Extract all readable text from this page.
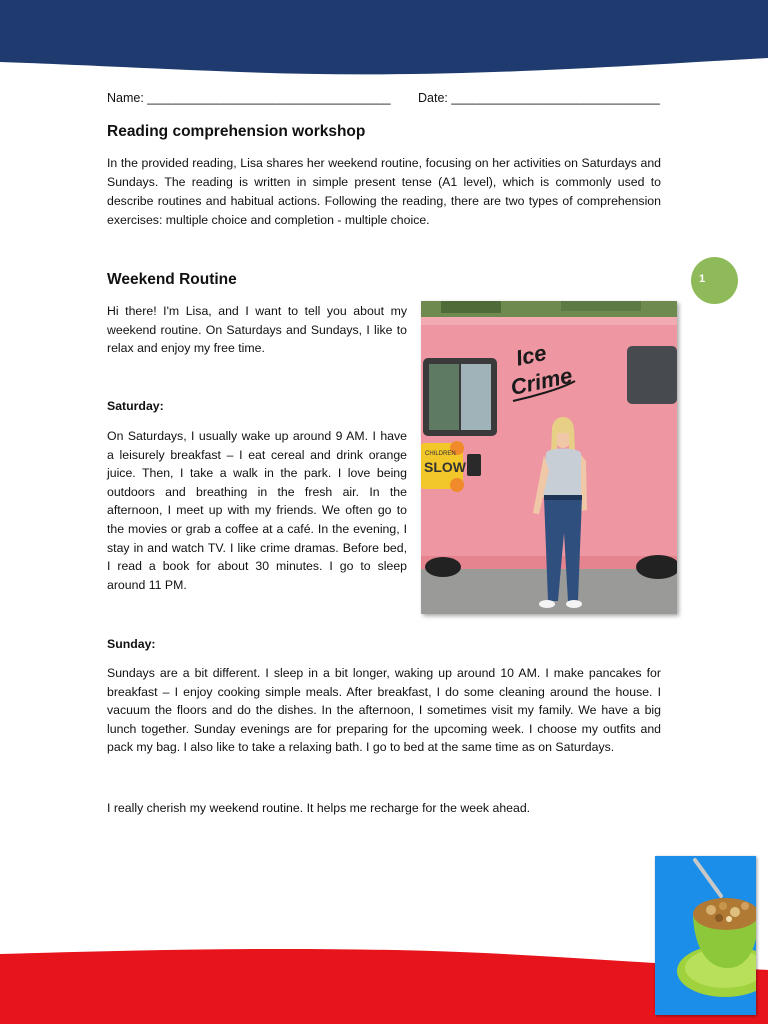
Name: ___________________________________ Date: ______________________________
Reading comprehension workshop
In the provided reading, Lisa shares her weekend routine, focusing on her activities on Saturdays and Sundays. The reading is written in simple present tense (A1 level), which is commonly used to describe routines and habitual actions. Following the reading, there are two types of comprehension exercises: multiple choice and completion - multiple choice.
Weekend Routine	1
Hi there! I'm Lisa, and I want to tell you about my weekend routine. On Saturdays and Sundays, I like to relax and enjoy my free time.
Saturday:
On Saturdays, I usually wake up around 9 AM. I have a leisurely breakfast – I eat cereal and drink orange juice. Then, I take a walk in the park. I love being outdoors and breathing in the fresh air. In the afternoon, I meet up with my friends. We often go to the movies or grab a coffee at a café. In the evening, I stay in and watch TV. I like crime dramas. Before bed, I read a book for about 30 minutes. I go to sleep around 11 PM.
Ice
Crime
CHILDREN
SLOW
Sunday:
Sundays are a bit different. I sleep in a bit longer, waking up around 10 AM. I make pancakes for breakfast – I enjoy cooking simple meals. After breakfast, I do some cleaning around the house. I vacuum the floors and do the dishes. In the afternoon, I sometimes visit my family. We have a big lunch together. Sunday evenings are for preparing for the upcoming week. I choose my outfits and pack my bag. I also like to take a relaxing bath. I go to bed at the same time as on Saturdays.
I really cherish my weekend routine. It helps me recharge for the week ahead.
